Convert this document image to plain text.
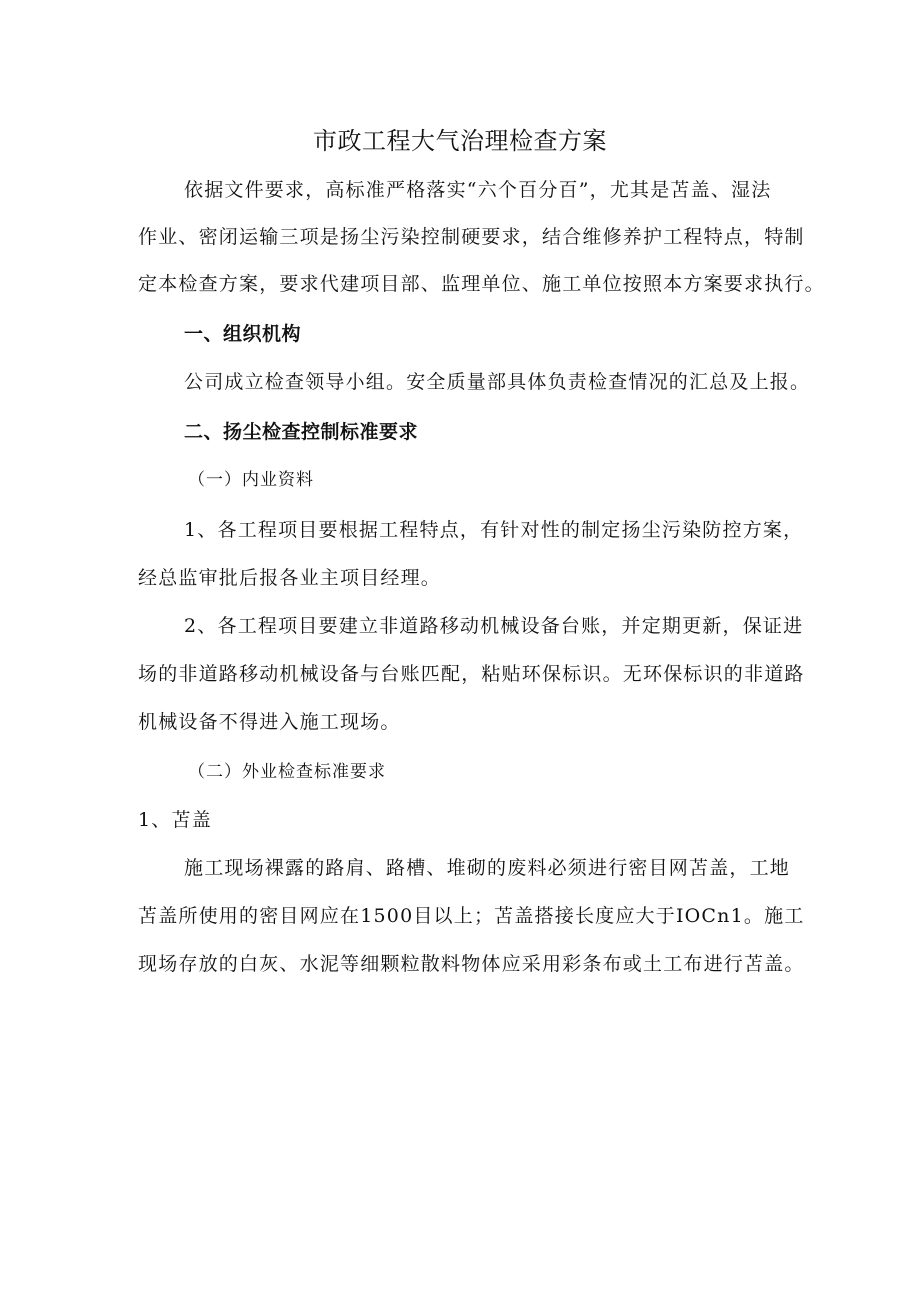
市政工程大气治理检查方案
依据文件要求，高标准严格落实“六个百分百”，尤其是苫盖、湿法
作业、密闭运输三项是扬尘污染控制硬要求，结合维修养护工程特点，特制
定本检查方案，要求代建项目部、监理单位、施工单位按照本方案要求执行。
一、组织机构
公司成立检查领导小组。安全质量部具体负责检查情况的汇总及上报。
二、扬尘检查控制标准要求
（一）内业资料
1、各工程项目要根据工程特点，有针对性的制定扬尘污染防控方案，
经总监审批后报各业主项目经理。
2、各工程项目要建立非道路移动机械设备台账，并定期更新，保证进
场的非道路移动机械设备与台账匹配，粘贴环保标识。无环保标识的非道路
机械设备不得进入施工现场。
（二）外业检查标准要求
1、苫盖
施工现场裸露的路肩、路槽、堆砌的废料必须进行密目网苫盖，工地
苫盖所使用的密目网应在1500目以上；苫盖搭接长度应大于IOCn1。施工
现场存放的白灰、水泥等细颗粒散料物体应采用彩条布或土工布进行苫盖。
